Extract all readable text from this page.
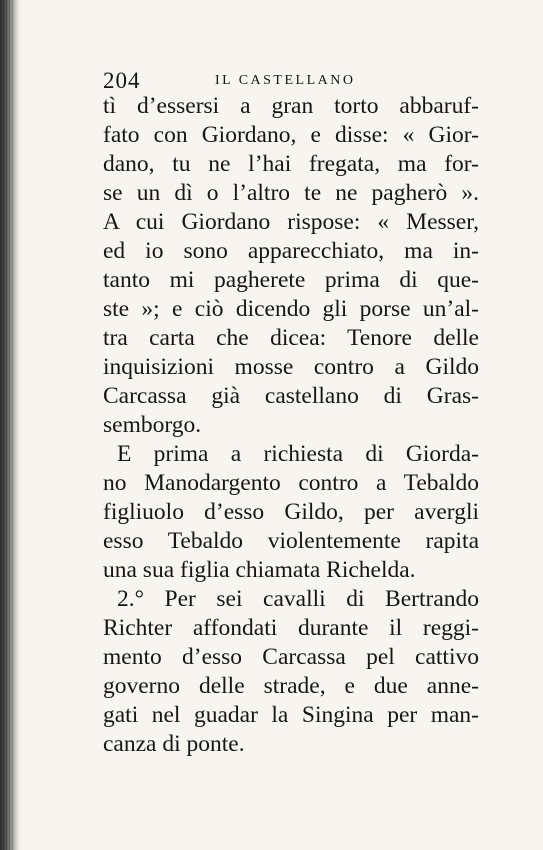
204	IL CASTELLANO
tì d’essersi a gran torto abbaruf-
fato con Giordano, e disse: « Gior-
dano, tu ne l’hai fregata, ma for-
se un dì o l’altro te ne pagherò ».
A cui Giordano rispose: « Messer,
ed io sono apparecchiato, ma in-
tanto mi pagherete prima di que-
ste »; e ciò dicendo gli porse un’al-
tra carta che dicea: Tenore delle
inquisizioni mosse contro a Gildo
Carcassa già castellano di Gras-
semborgo.
E prima a richiesta di Giorda-
no Manodargento contro a Tebaldo
figliuolo d’esso Gildo, per avergli
esso Tebaldo violentemente rapita
una sua figlia chiamata Richelda.
2.° Per sei cavalli di Bertrando
Richter affondati durante il reggi-
mento d’esso Carcassa pel cattivo
governo delle strade, e due anne-
gati nel guadar la Singina per man-
canza di ponte.
